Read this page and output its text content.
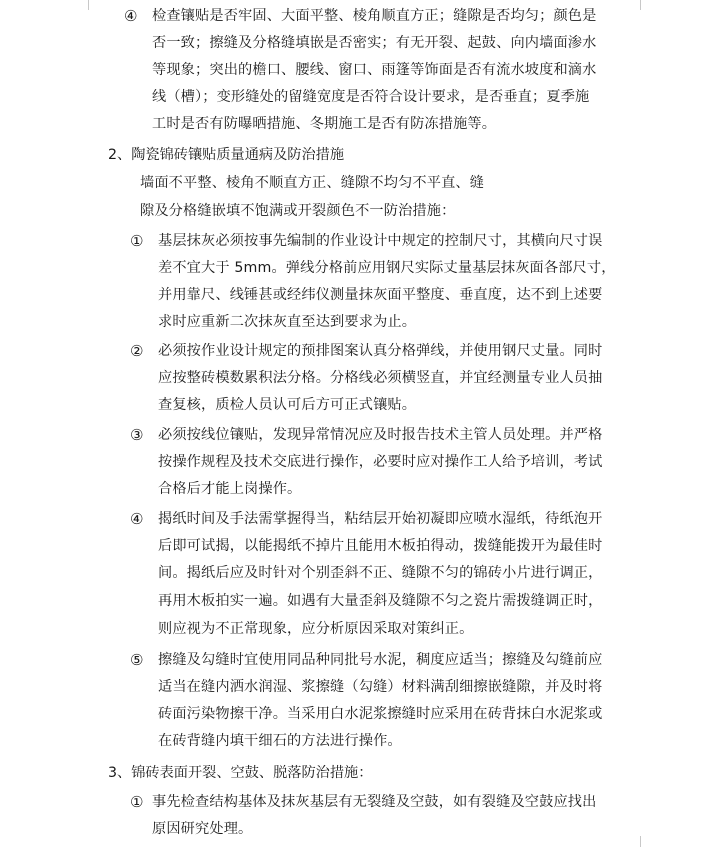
④ 检查镶贴是否牢固、大面平整、棱角顺直方正；缝隙是否均匀；颜色是
否一致；擦缝及分格缝填嵌是否密实；有无开裂、起鼓、向内墙面渗水
等现象；突出的檐口、腰线、窗口、雨篷等饰面是否有流水坡度和滴水
线（槽）；变形缝处的留缝宽度是否符合设计要求，是否垂直；夏季施
工时是否有防曝晒措施、冬期施工是否有防冻措施等。
2、陶瓷锦砖镶贴质量通病及防治措施
墙面不平整、棱角不顺直方正、缝隙不均匀不平直、缝
隙及分格缝嵌填不饱满或开裂颜色不一防治措施：
① 基层抹灰必须按事先编制的作业设计中规定的控制尺寸，其横向尺寸误
差不宜大于 5mm。弹线分格前应用钢尺实际丈量基层抹灰面各部尺寸，
并用靠尺、线锤甚或经纬仪测量抹灰面平整度、垂直度，达不到上述要
求时应重新二次抹灰直至达到要求为止。
② 必须按作业设计规定的预排图案认真分格弹线，并使用钢尺丈量。同时
应按整砖模数累积法分格。分格线必须横竖直，并宜经测量专业人员抽
查复核，质检人员认可后方可正式镶贴。
③ 必须按线位镶贴，发现异常情况应及时报告技术主管人员处理。并严格
按操作规程及技术交底进行操作，必要时应对操作工人给予培训，考试
合格后才能上岗操作。
④ 揭纸时间及手法需掌握得当，粘结层开始初凝即应喷水湿纸，待纸泡开
后即可试揭，以能揭纸不掉片且能用木板拍得动，拨缝能拨开为最佳时
间。揭纸后应及时针对个别歪斜不正、缝隙不匀的锦砖小片进行调正，
再用木板拍实一遍。如遇有大量歪斜及缝隙不匀之瓷片需拨缝调正时，
则应视为不正常现象，应分析原因采取对策纠正。
⑤ 擦缝及勾缝时宜使用同品种同批号水泥，稠度应适当；擦缝及勾缝前应
适当在缝内洒水润湿、浆擦缝（勾缝）材料满刮细擦嵌缝隙，并及时将
砖面污染物擦干净。当采用白水泥浆擦缝时应采用在砖背抹白水泥浆或
在砖背缝内填干细石的方法进行操作。
3、锦砖表面开裂、空鼓、脱落防治措施：
① 事先检查结构基体及抹灰基层有无裂缝及空鼓，如有裂缝及空鼓应找出
原因研究处理。
